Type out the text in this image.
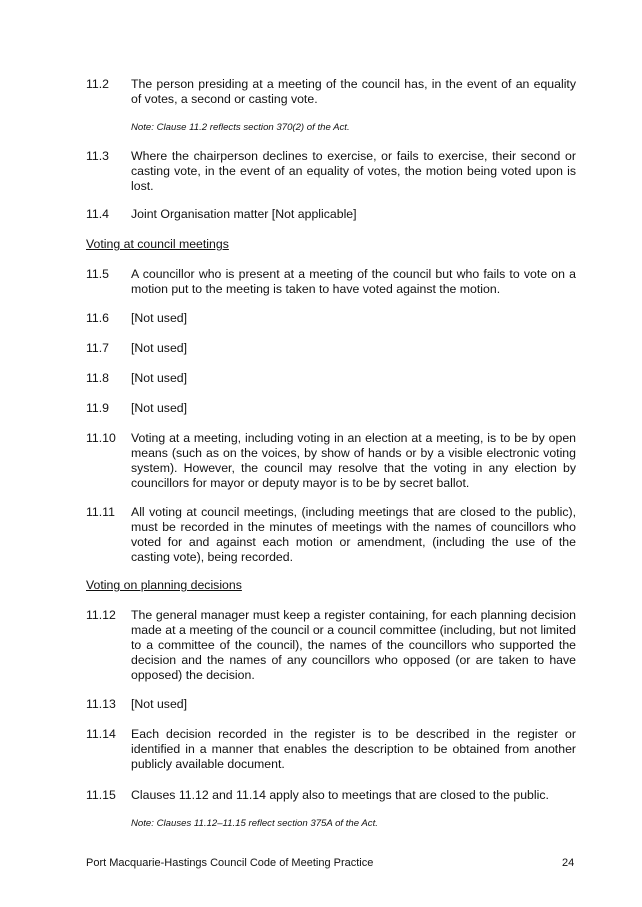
11.2 The person presiding at a meeting of the council has, in the event of an equality of votes, a second or casting vote.
Note: Clause 11.2 reflects section 370(2) of the Act.
11.3 Where the chairperson declines to exercise, or fails to exercise, their second or casting vote, in the event of an equality of votes, the motion being voted upon is lost.
11.4 Joint Organisation matter [Not applicable]
Voting at council meetings
11.5 A councillor who is present at a meeting of the council but who fails to vote on a motion put to the meeting is taken to have voted against the motion.
11.6 [Not used]
11.7 [Not used]
11.8 [Not used]
11.9 [Not used]
11.10 Voting at a meeting, including voting in an election at a meeting, is to be by open means (such as on the voices, by show of hands or by a visible electronic voting system). However, the council may resolve that the voting in any election by councillors for mayor or deputy mayor is to be by secret ballot.
11.11 All voting at council meetings, (including meetings that are closed to the public), must be recorded in the minutes of meetings with the names of councillors who voted for and against each motion or amendment, (including the use of the casting vote), being recorded.
Voting on planning decisions
11.12 The general manager must keep a register containing, for each planning decision made at a meeting of the council or a council committee (including, but not limited to a committee of the council), the names of the councillors who supported the decision and the names of any councillors who opposed (or are taken to have opposed) the decision.
11.13 [Not used]
11.14 Each decision recorded in the register is to be described in the register or identified in a manner that enables the description to be obtained from another publicly available document.
11.15 Clauses 11.12 and 11.14 apply also to meetings that are closed to the public.
Note: Clauses 11.12–11.15 reflect section 375A of the Act.
Port Macquarie-Hastings Council Code of Meeting Practice	24
